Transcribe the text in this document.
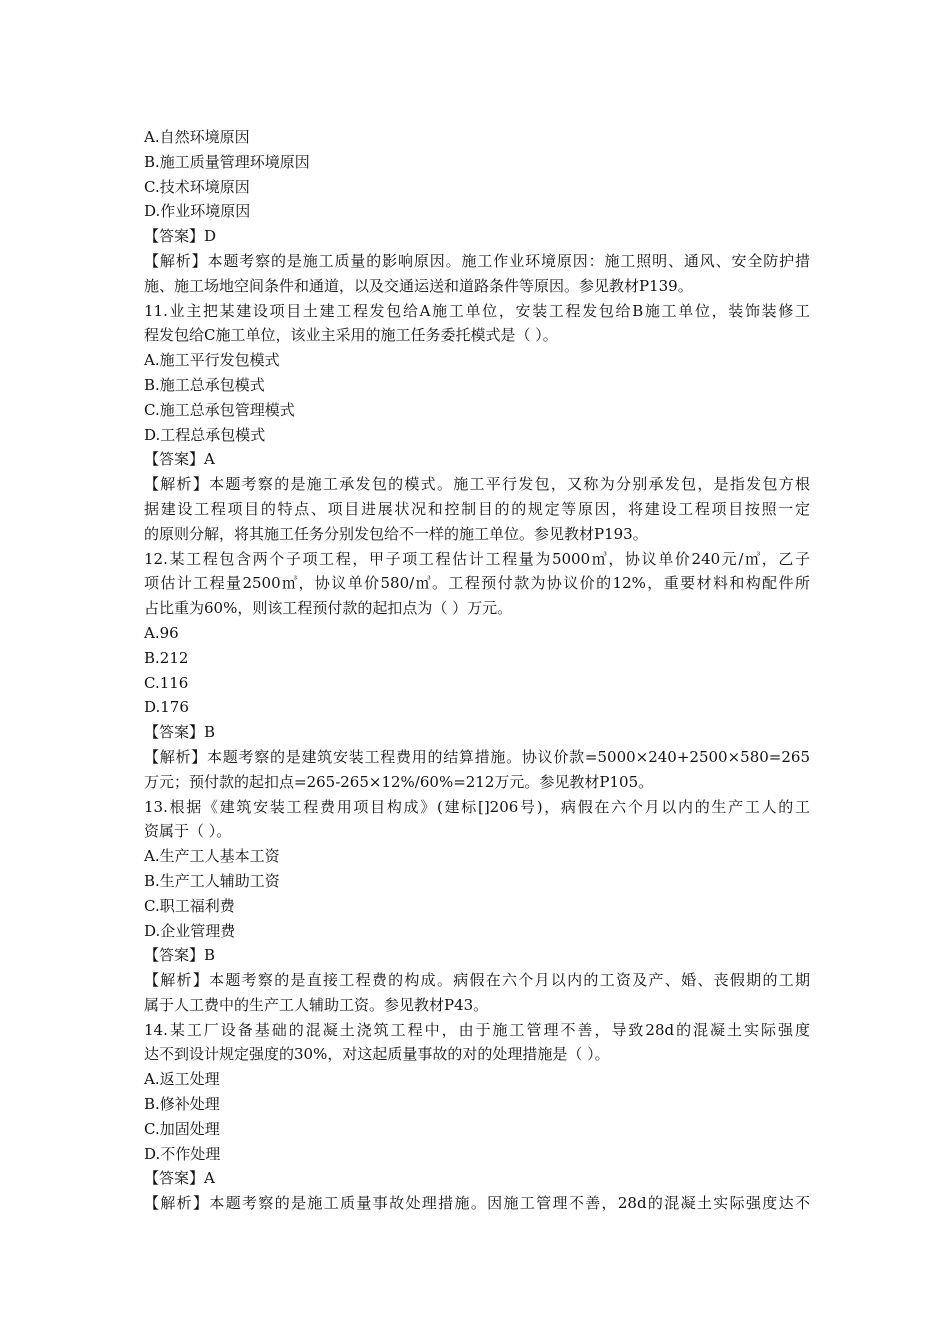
A.自然环境原因
B.施工质量管理环境原因
C.技术环境原因
D.作业环境原因
【答案】D
【解析】本题考察的是施工质量的影响原因。施工作业环境原因：施工照明、通风、安全防护措
施、施工场地空间条件和通道，以及交通运送和道路条件等原因。参见教材P139。
11.业主把某建设项目土建工程发包给A施工单位，安装工程发包给B施工单位，装饰装修工
程发包给C施工单位，该业主采用的施工任务委托模式是（ ）。
A.施工平行发包模式
B.施工总承包模式
C.施工总承包管理模式
D.工程总承包模式
【答案】A
【解析】本题考察的是施工承发包的模式。施工平行发包，又称为分别承发包，是指发包方根
据建设工程项目的特点、项目进展状况和控制目的的规定等原因，将建设工程项目按照一定
的原则分解，将其施工任务分别发包给不一样的施工单位。参见教材P193。
12.某工程包含两个子项工程，甲子项工程估计工程量为5000㎥，协议单价240元/㎥，乙子
项估计工程量2500㎥，协议单价580/㎥。工程预付款为协议价的12%，重要材料和构配件所
占比重为60%，则该工程预付款的起扣点为（ ）万元。
A.96
B.212
C.116
D.176
【答案】B
【解析】本题考察的是建筑安装工程费用的结算措施。协议价款=5000×240+2500×580=265
万元；预付款的起扣点=265-265×12%/60%=212万元。参见教材P105。
13.根据《建筑安装工程费用项目构成》(建标[]206号)，病假在六个月以内的生产工人的工
资属于（ ）。
A.生产工人基本工资
B.生产工人辅助工资
C.职工福利费
D.企业管理费
【答案】B
【解析】本题考察的是直接工程费的构成。病假在六个月以内的工资及产、婚、丧假期的工期
属于人工费中的生产工人辅助工资。参见教材P43。
14.某工厂设备基础的混凝土浇筑工程中，由于施工管理不善，导致28d的混凝土实际强度
达不到设计规定强度的30%，对这起质量事故的对的处理措施是（ ）。
A.返工处理
B.修补处理
C.加固处理
D.不作处理
【答案】A
【解析】本题考察的是施工质量事故处理措施。因施工管理不善，28d的混凝土实际强度达不
